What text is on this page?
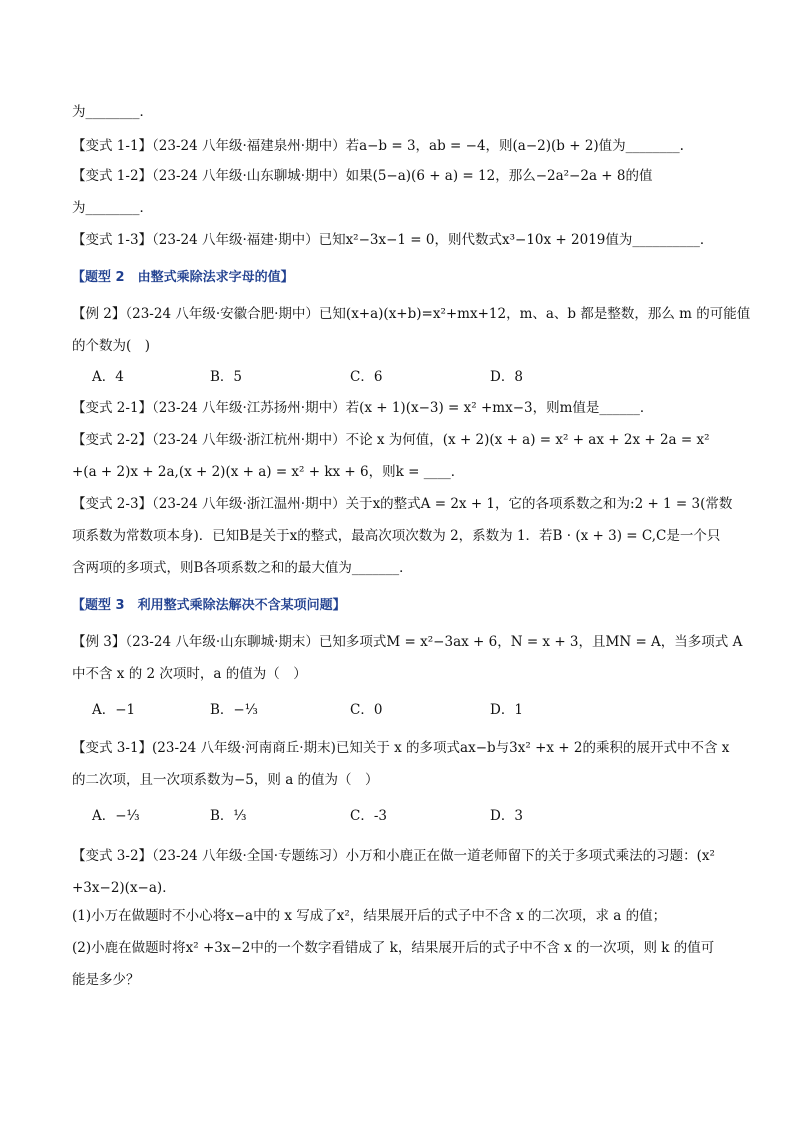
为________．
【变式 1-1】（23-24 八年级·福建泉州·期中）若a−b = 3，ab = −4，则(a−2)(b + 2)值为________.
【变式 1-2】（23-24 八年级·山东聊城·期中）如果(5−a)(6 + a) = 12，那么−2a²−2a + 8的值
为________．
【变式 1-3】（23-24 八年级·福建·期中）已知x²−3x−1 = 0，则代数式x³−10x + 2019值为__________．
【题型 2　由整式乘除法求字母的值】
【例 2】（23-24 八年级·安徽合肥·期中）已知(x+a)(x+b)=x²+mx+12，m、a、b 都是整数，那么 m 的可能值
的个数为(　)
A．4	B．5	C．6	D．8
【变式 2-1】（23-24 八年级·江苏扬州·期中）若(x + 1)(x−3) = x² +mx−3，则m值是______．
【变式 2-2】（23-24 八年级·浙江杭州·期中）不论 x 为何值，(x + 2)(x + a) = x² + ax + 2x + 2a = x²
+(a + 2)x + 2a,(x + 2)(x + a) = x² + kx + 6，则k = ____．
【变式 2-3】（23-24 八年级·浙江温州·期中）关于x的整式A = 2x + 1，它的各项系数之和为:2 + 1 = 3(常数
项系数为常数项本身)．已知B是关于x的整式，最高次项次数为 2，系数为 1．若B · (x + 3) = C,C是一个只
含两项的多项式，则B各项系数之和的最大值为_______．
【题型 3　利用整式乘除法解决不含某项问题】
【例 3】（23-24 八年级·山东聊城·期末）已知多项式M = x²−3ax + 6，N = x + 3，且MN = A，当多项式 A
中不含 x 的 2 次项时，a 的值为（　）
A．−1	B．−⅓	C．0	D．1
【变式 3-1】(23-24 八年级·河南商丘·期末)已知关于 x 的多项式ax−b与3x² +x + 2的乘积的展开式中不含 x
的二次项，且一次项系数为−5，则 a 的值为（　）
A．−⅓	B．⅓	C．-3	D．3
【变式 3-2】（23-24 八年级·全国·专题练习）小万和小鹿正在做一道老师留下的关于多项式乘法的习题：(x²
+3x−2)(x−a)．
(1)小万在做题时不小心将x−a中的 x 写成了x²，结果展开后的式子中不含 x 的二次项，求 a 的值；
(2)小鹿在做题时将x² +3x−2中的一个数字看错成了 k，结果展开后的式子中不含 x 的一次项，则 k 的值可
能是多少？
